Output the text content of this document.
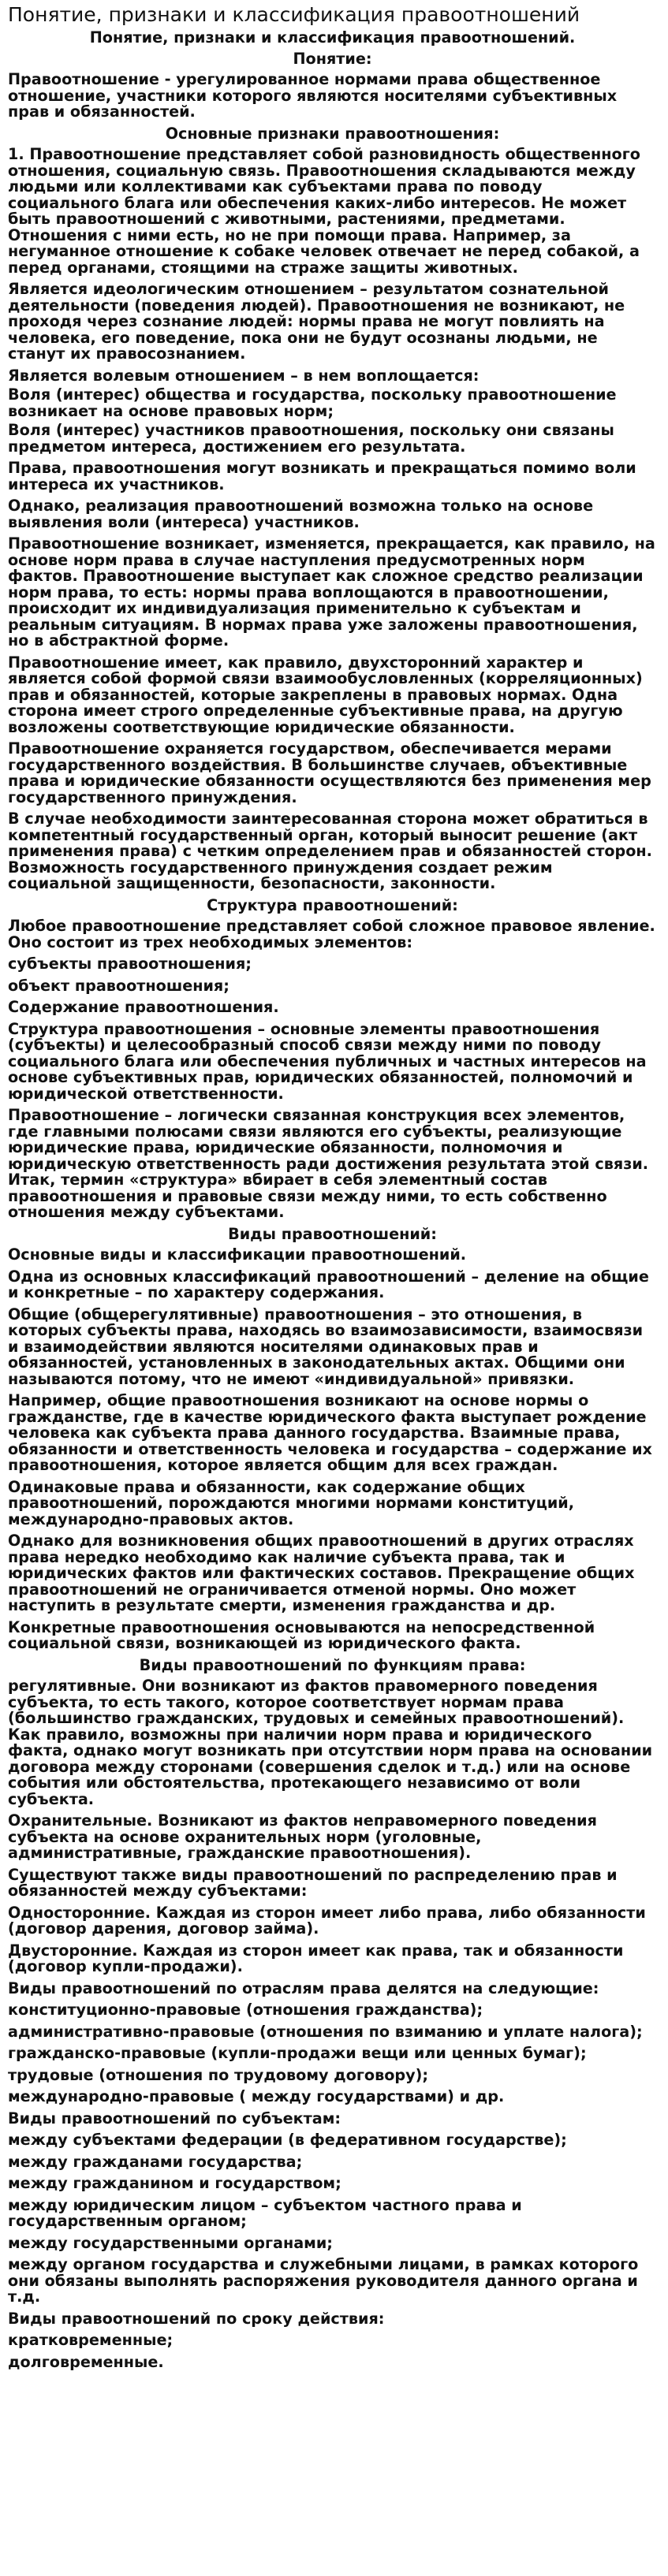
Понятие, признаки и классификация правоотношений

Понятие, признаки и классификация правоотношений.

Понятие:

Правоотношение - урегулированное нормами права общественное отношение, участники которого являются носителями субъективных прав и обязанностей.

Основные признаки правоотношения:

1. Правоотношение представляет собой разновидность общественного отношения, социальную связь. Правоотношения складываются между людьми или коллективами как субъектами права по поводу социального блага или обеспечения каких-либо интересов. Не может быть правоотношений с животными, растениями, предметами. Отношения с ними есть, но не при помощи права. Например, за негуманное отношение к собаке человек отвечает не перед собакой, а перед органами, стоящими на страже защиты животных.

Является идеологическим отношением – результатом сознательной деятельности (поведения людей). Правоотношения не возникают, не проходя через сознание людей: нормы права не могут повлиять на человека, его поведение, пока они не будут осознаны людьми, не станут их правосознанием.

Является волевым отношением – в нем воплощается:

Воля (интерес) общества и государства, поскольку правоотношение возникает на основе правовых норм;

Воля (интерес) участников правоотношения, поскольку они связаны предметом интереса, достижением его результата.

Права, правоотношения могут возникать и прекращаться помимо воли интереса их участников.

Однако, реализация правоотношений возможна только на основе выявления воли (интереса) участников.

Правоотношение возникает, изменяется, прекращается, как правило, на основе норм права в случае наступления предусмотренных норм фактов. Правоотношение выступает как сложное средство реализации норм права, то есть: нормы права воплощаются в правоотношении, происходит их индивидуализация применительно к субъектам и реальным ситуациям. В нормах права уже заложены правоотношения, но в абстрактной форме.

Правоотношение имеет, как правило, двухсторонний характер и является собой формой связи взаимообусловленных (корреляционных) прав и обязанностей, которые закреплены в правовых нормах. Одна сторона имеет строго определенные субъективные права, на другую возложены соответствующие юридические обязанности.

Правоотношение охраняется государством, обеспечивается мерами государственного воздействия. В большинстве случаев, объективные права и юридические обязанности осуществляются без применения мер государственного принуждения.

В случае необходимости заинтересованная сторона может обратиться в компетентный государственный орган, который выносит решение (акт применения права) с четким определением прав и обязанностей сторон. Возможность государственного принуждения создает режим социальной защищенности, безопасности, законности.

Структура правоотношений:

Любое правоотношение представляет собой сложное правовое явление. Оно состоит из трех необходимых элементов:

субъекты правоотношения;

объект правоотношения;

Содержание правоотношения.

Структура правоотношения – основные элементы правоотношения (субъекты) и целесообразный способ связи между ними по поводу социального блага или обеспечения публичных и частных интересов на основе субъективных прав, юридических обязанностей, полномочий и юридической ответственности.

Правоотношение – логически связанная конструкция всех элементов, где главными полюсами связи являются его субъекты, реализующие юридические права, юридические обязанности, полномочия и юридическую ответственность ради достижения результата этой связи. Итак, термин «структура» вбирает в себя элементный состав правоотношения и правовые связи между ними, то есть собственно отношения между субъектами.

Виды правоотношений:

Основные виды и классификации правоотношений.

Одна из основных классификаций правоотношений – деление на общие и конкретные – по характеру содержания.

Общие (общерегулятивные) правоотношения – это отношения, в которых субъекты права, находясь во взаимозависимости, взаимосвязи и взаимодействии являются носителями одинаковых прав и обязанностей, установленных в законодательных актах. Общими они называются потому, что не имеют «индивидуальной» привязки.

Например, общие правоотношения возникают на основе нормы о гражданстве, где в качестве юридического факта выступает рождение человека как субъекта права данного государства. Взаимные права, обязанности и ответственность человека и государства – содержание их правоотношения, которое является общим для всех граждан.

Одинаковые права и обязанности, как содержание общих правоотношений, порождаются многими нормами конституций, международно-правовых актов.

Однако для возникновения общих правоотношений в других отраслях права нередко необходимо как наличие субъекта права, так и юридических фактов или фактических составов. Прекращение общих правоотношений не ограничивается отменой нормы. Оно может наступить в результате смерти, изменения гражданства и др.

Конкретные правоотношения основываются на непосредственной социальной связи, возникающей из юридического факта.

Виды правоотношений по функциям права:

регулятивные. Они возникают из фактов правомерного поведения субъекта, то есть такого, которое соответствует нормам права (большинство гражданских, трудовых и семейных правоотношений). Как правило, возможны при наличии норм права и юридического факта, однако могут возникать при отсутствии норм права на основании договора между сторонами (совершения сделок и т.д.) или на основе события или обстоятельства, протекающего независимо от воли субъекта.

Охранительные. Возникают из фактов неправомерного поведения субъекта на основе охранительных норм (уголовные, административные, гражданские правоотношения).

Существуют также виды правоотношений по распределению прав и обязанностей между субъектами:

Односторонние. Каждая из сторон имеет либо права, либо обязанности (договор дарения, договор займа).

Двусторонние. Каждая из сторон имеет как права, так и обязанности (договор купли-продажи).

Виды правоотношений по отраслям права делятся на следующие:

конституционно-правовые (отношения гражданства);

административно-правовые (отношения по взиманию и уплате налога);

гражданско-правовые (купли-продажи вещи или ценных бумаг);

трудовые (отношения по трудовому договору);

международно-правовые ( между государствами) и др.

Виды правоотношений по субъектам:

между субъектами федерации (в федеративном государстве);

между гражданами государства;

между гражданином и государством;

между юридическим лицом – субъектом частного права и государственным органом;

между государственными органами;

между органом государства и служебными лицами, в рамках которого они обязаны выполнять распоряжения руководителя данного органа и т.д.

Виды правоотношений по сроку действия:

кратковременные;

долговременные.
